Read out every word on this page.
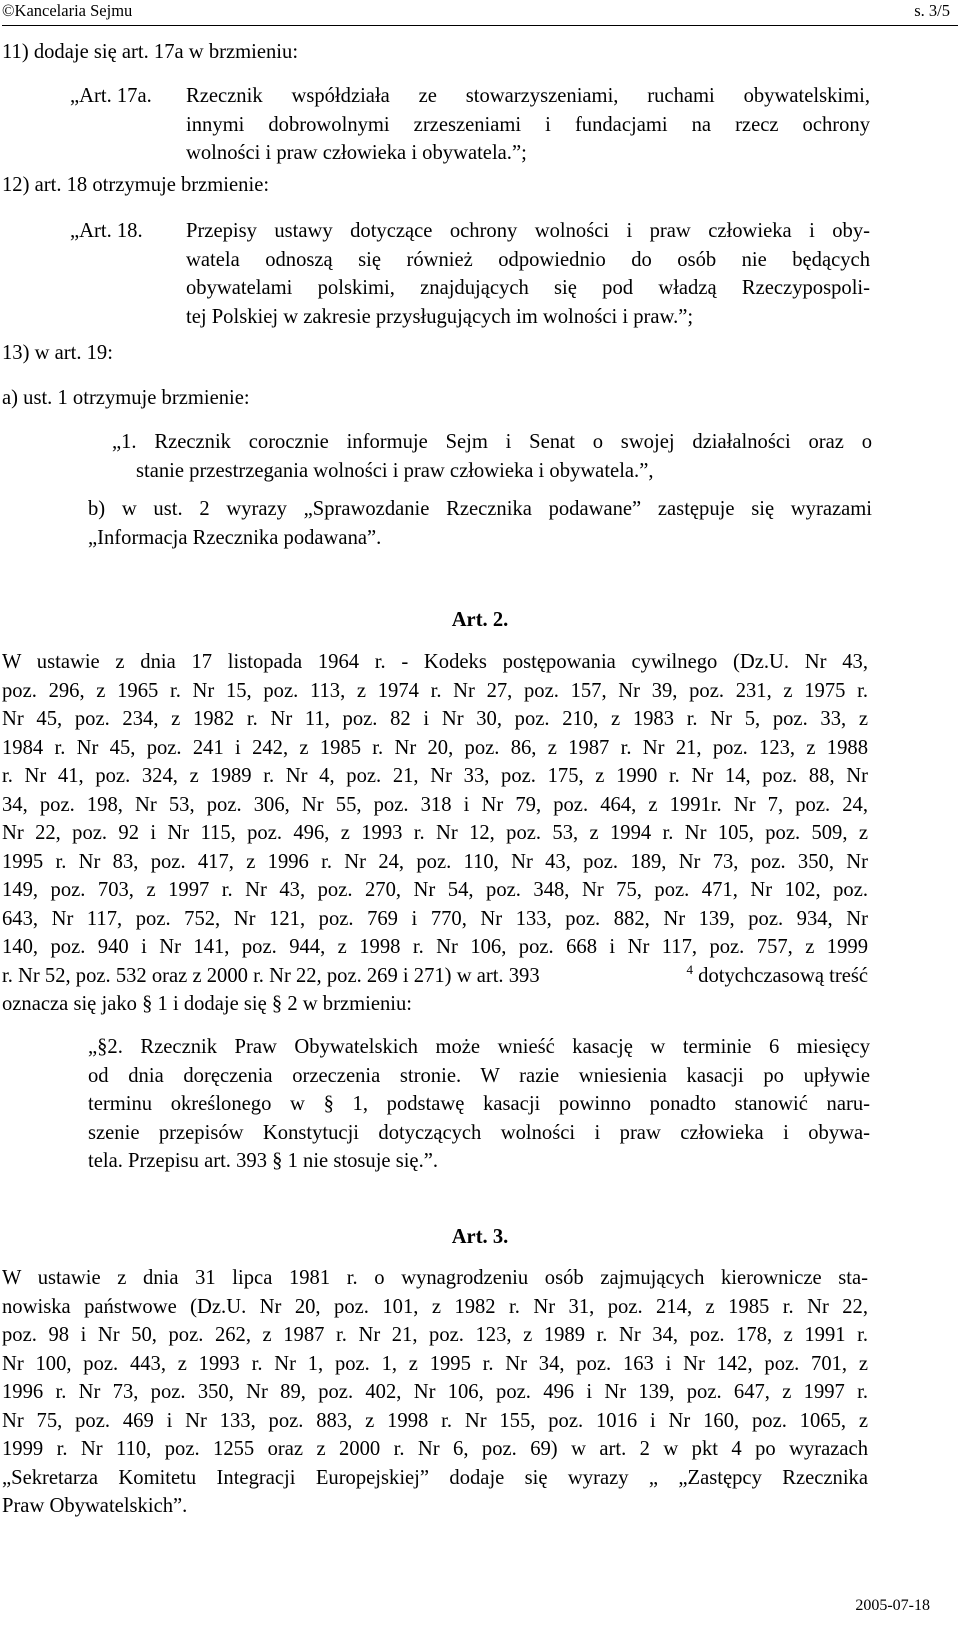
©Kancelaria Sejmu	s. 3/5
11) dodaje się art. 17a w brzmieniu:
„Art. 17a. Rzecznik współdziała ze stowarzyszeniami, ruchami obywatelskimi,
innymi dobrowolnymi zrzeszeniami i fundacjami na rzecz ochrony
wolności i praw człowieka i obywatela.”;
12) art. 18 otrzymuje brzmienie:
„Art. 18. Przepisy ustawy dotyczące ochrony wolności i praw człowieka i oby-
watela odnoszą się również odpowiednio do osób nie będących
obywatelami polskimi, znajdujących się pod władzą Rzeczypospoli-
tej Polskiej w zakresie przysługujących im wolności i praw.”;
13) w art. 19:
a) ust. 1 otrzymuje brzmienie:
„1. Rzecznik corocznie informuje Sejm i Senat o swojej działalności oraz o
stanie przestrzegania wolności i praw człowieka i obywatela.”,
b) w ust. 2 wyrazy „Sprawozdanie Rzecznika podawane” zastępuje się wyrazami
„Informacja Rzecznika podawana”.
Art. 2.
W ustawie z dnia 17 listopada 1964 r. - Kodeks postępowania cywilnego (Dz.U. Nr 43,
poz. 296, z 1965 r. Nr 15, poz. 113, z 1974 r. Nr 27, poz. 157, Nr 39, poz. 231, z 1975 r.
Nr 45, poz. 234, z 1982 r. Nr 11, poz. 82 i Nr 30, poz. 210, z 1983 r. Nr 5, poz. 33, z
1984 r. Nr 45, poz. 241 i 242, z 1985 r. Nr 20, poz. 86, z 1987 r. Nr 21, poz. 123, z 1988
r. Nr 41, poz. 324, z 1989 r. Nr 4, poz. 21, Nr 33, poz. 175, z 1990 r. Nr 14, poz. 88, Nr
34, poz. 198, Nr 53, poz. 306, Nr 55, poz. 318 i Nr 79, poz. 464, z 1991r. Nr 7, poz. 24,
Nr 22, poz. 92 i Nr 115, poz. 496, z 1993 r. Nr 12, poz. 53, z 1994 r. Nr 105, poz. 509, z
1995 r. Nr 83, poz. 417, z 1996 r. Nr 24, poz. 110, Nr 43, poz. 189, Nr 73, poz. 350, Nr
149, poz. 703, z 1997 r. Nr 43, poz. 270, Nr 54, poz. 348, Nr 75, poz. 471, Nr 102, poz.
643, Nr 117, poz. 752, Nr 121, poz. 769 i 770, Nr 133, poz. 882, Nr 139, poz. 934, Nr
140, poz. 940 i Nr 141, poz. 944, z 1998 r. Nr 106, poz. 668 i Nr 117, poz. 757, z 1999
r. Nr 52, poz. 532 oraz z 2000 r. Nr 22, poz. 269 i 271) w art. 393	$^4$ dotychczasową treść
oznacza się jako § 1 i dodaje się § 2 w brzmieniu:
„§2. Rzecznik Praw Obywatelskich może wnieść kasację w terminie 6 miesięcy
od dnia doręczenia orzeczenia stronie. W razie wniesienia kasacji po upływie
terminu określonego w § 1, podstawę kasacji powinno ponadto stanowić naru-
szenie przepisów Konstytucji dotyczących wolności i praw człowieka i obywa-
tela. Przepisu art. 393 § 1 nie stosuje się.”.
Art. 3.
W ustawie z dnia 31 lipca 1981 r. o wynagrodzeniu osób zajmujących kierownicze sta-
nowiska państwowe (Dz.U. Nr 20, poz. 101, z 1982 r. Nr 31, poz. 214, z 1985 r. Nr 22,
poz. 98 i Nr 50, poz. 262, z 1987 r. Nr 21, poz. 123, z 1989 r. Nr 34, poz. 178, z 1991 r.
Nr 100, poz. 443, z 1993 r. Nr 1, poz. 1, z 1995 r. Nr 34, poz. 163 i Nr 142, poz. 701, z
1996 r. Nr 73, poz. 350, Nr 89, poz. 402, Nr 106, poz. 496 i Nr 139, poz. 647, z 1997 r.
Nr 75, poz. 469 i Nr 133, poz. 883, z 1998 r. Nr 155, poz. 1016 i Nr 160, poz. 1065, z
1999 r. Nr 110, poz. 1255 oraz z 2000 r. Nr 6, poz. 69) w art. 2 w pkt 4 po wyrazach
„Sekretarza Komitetu Integracji Europejskiej” dodaje się wyrazy „ „Zastępcy Rzecznika
Praw Obywatelskich”.
2005-07-18
